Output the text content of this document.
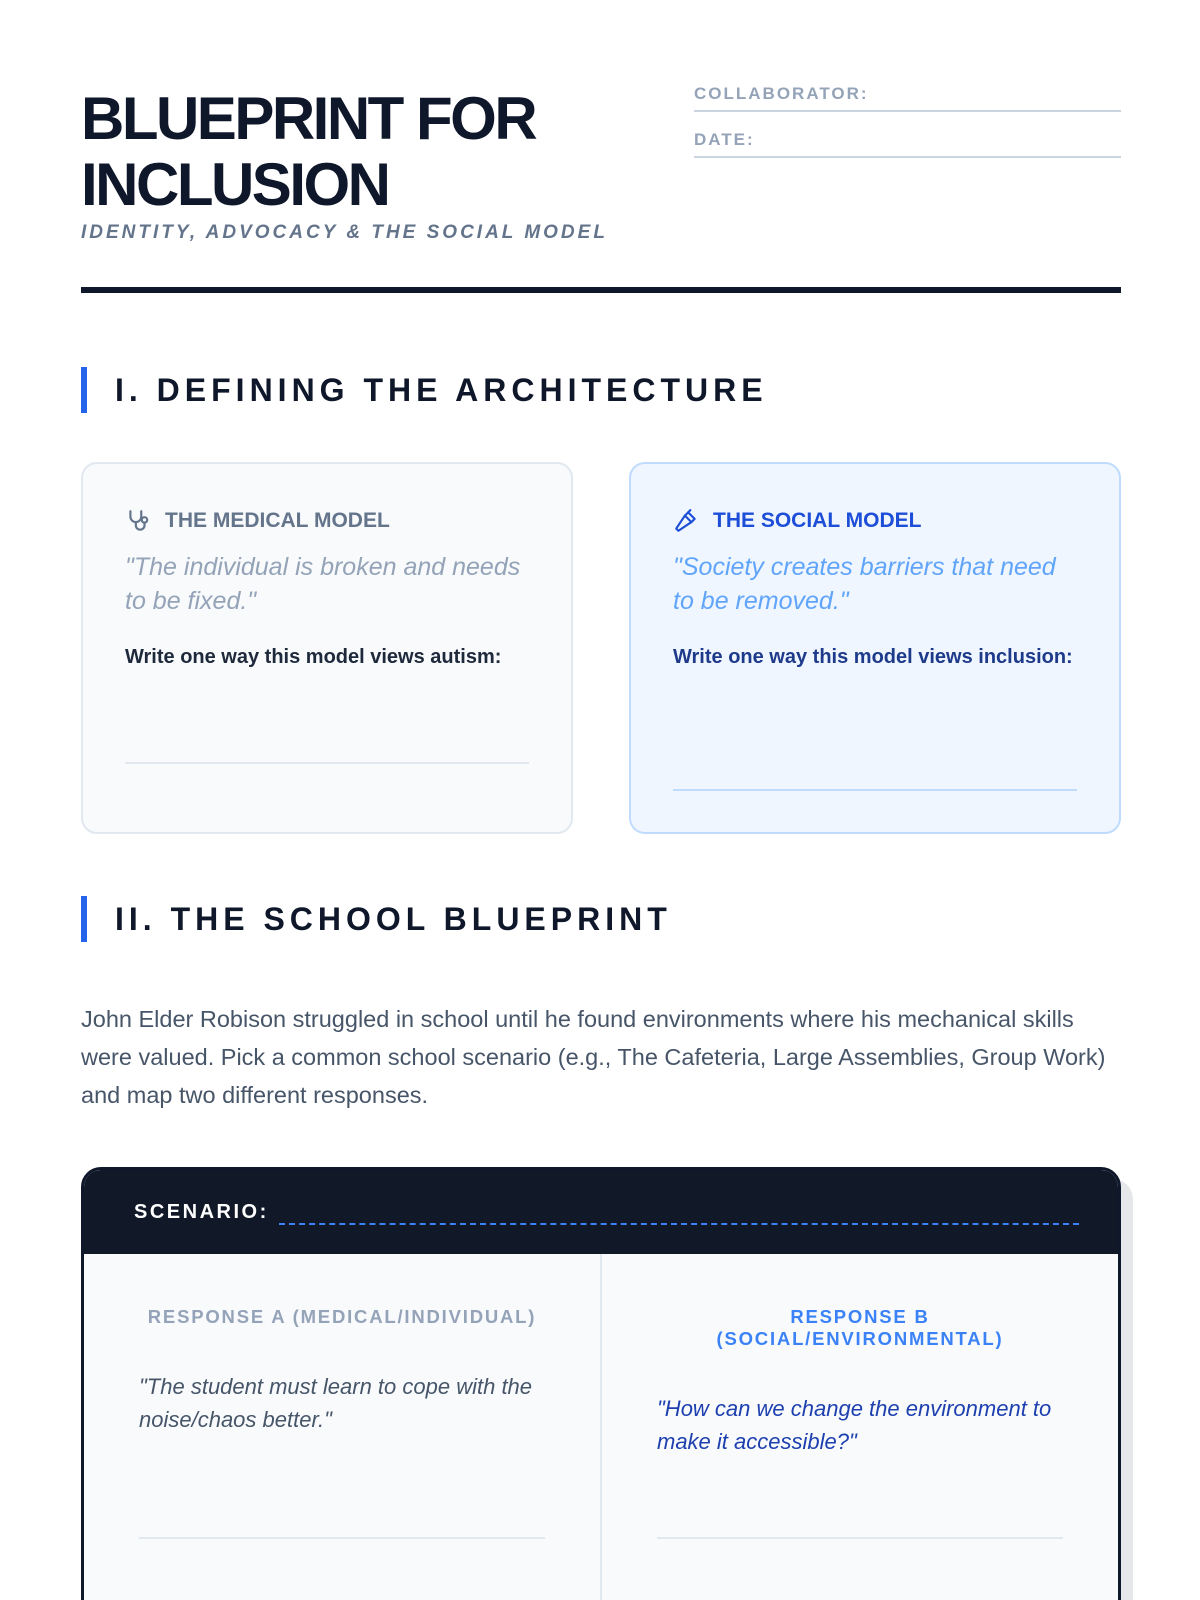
BLUEPRINT FOR INCLUSION
IDENTITY, ADVOCACY & THE SOCIAL MODEL
COLLABORATOR:
DATE:
I. DEFINING THE ARCHITECTURE
THE MEDICAL MODEL
"The individual is broken and needs to be fixed."
Write one way this model views autism:
THE SOCIAL MODEL
"Society creates barriers that need to be removed."
Write one way this model views inclusion:
II. THE SCHOOL BLUEPRINT

John Elder Robison struggled in school until he found environments where his mechanical skills were valued. Pick a common school scenario (e.g., The Cafeteria, Large Assemblies, Group Work) and map two different responses.

SCENARIO:
RESPONSE A (MEDICAL/INDIVIDUAL)
"The student must learn to cope with the noise/chaos better."
RESPONSE B (SOCIAL/ENVIRONMENTAL)
"How can we change the environment to make it accessible?"
